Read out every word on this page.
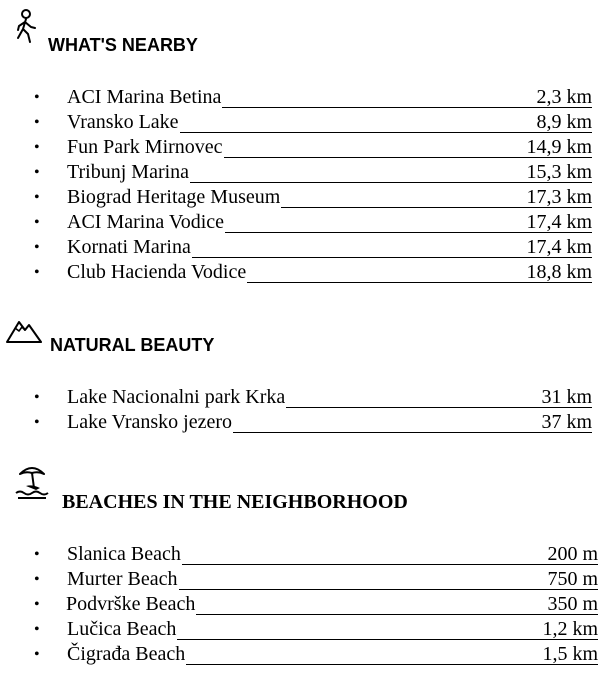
WHAT'S NEARBY
• ACI Marina Betina	2,3 km
• Vransko Lake	8,9 km
• Fun Park Mirnovec	14,9 km
• Tribunj Marina	15,3 km
• Biograd Heritage Museum	17,3 km
• ACI Marina Vodice	17,4 km
• Kornati Marina	17,4 km
• Club Hacienda Vodice	18,8 km
NATURAL BEAUTY
• Lake Nacionalni park Krka	31 km
• Lake Vransko jezero	37 km
BEACHES IN THE NEIGHBORHOOD
• Slanica Beach	200 m
• Murter Beach	750 m
• Podvrške Beach	350 m
• Lučica Beach	1,2 km
• Čigrađa Beach	1,5 km
